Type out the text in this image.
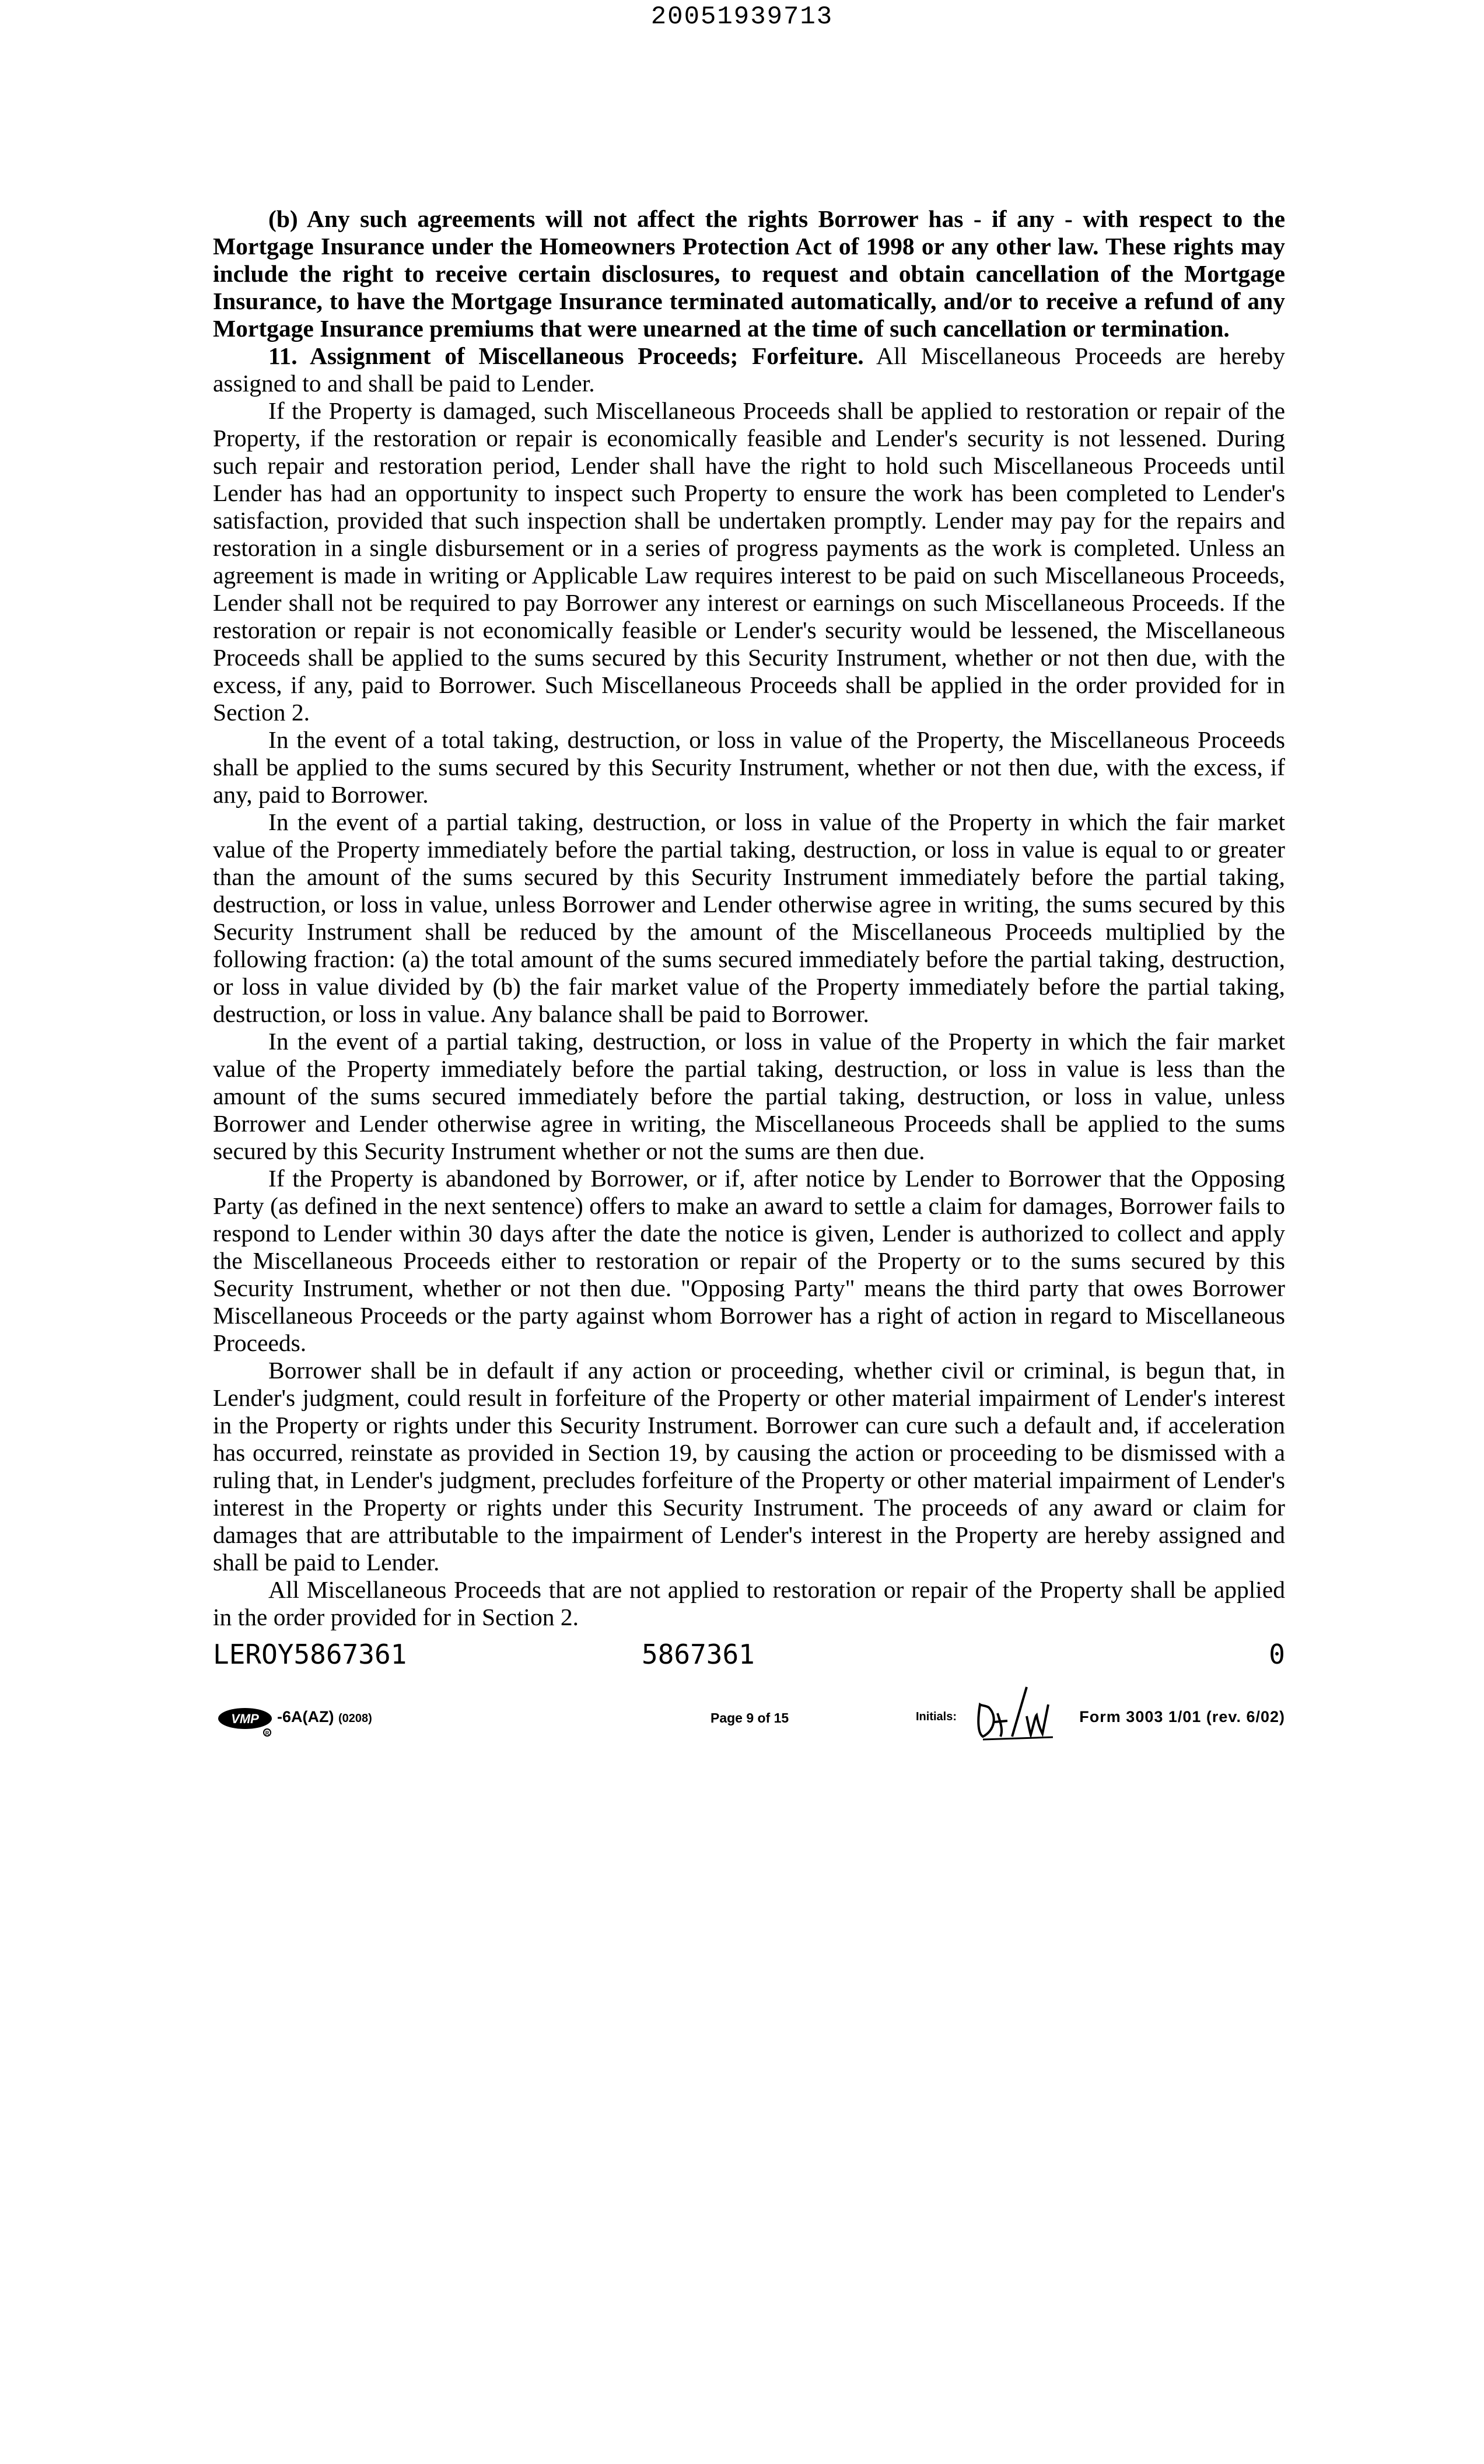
20051939713

(b) Any such agreements will not affect the rights Borrower has - if any - with respect to the Mortgage Insurance under the Homeowners Protection Act of 1998 or any other law. These rights may include the right to receive certain disclosures, to request and obtain cancellation of the Mortgage Insurance, to have the Mortgage Insurance terminated automatically, and/or to receive a refund of any Mortgage Insurance premiums that were unearned at the time of such cancellation or termination.

11. Assignment of Miscellaneous Proceeds; Forfeiture. All Miscellaneous Proceeds are hereby assigned to and shall be paid to Lender.

If the Property is damaged, such Miscellaneous Proceeds shall be applied to restoration or repair of the Property, if the restoration or repair is economically feasible and Lender's security is not lessened. During such repair and restoration period, Lender shall have the right to hold such Miscellaneous Proceeds until Lender has had an opportunity to inspect such Property to ensure the work has been completed to Lender's satisfaction, provided that such inspection shall be undertaken promptly. Lender may pay for the repairs and restoration in a single disbursement or in a series of progress payments as the work is completed. Unless an agreement is made in writing or Applicable Law requires interest to be paid on such Miscellaneous Proceeds, Lender shall not be required to pay Borrower any interest or earnings on such Miscellaneous Proceeds. If the restoration or repair is not economically feasible or Lender's security would be lessened, the Miscellaneous Proceeds shall be applied to the sums secured by this Security Instrument, whether or not then due, with the excess, if any, paid to Borrower. Such Miscellaneous Proceeds shall be applied in the order provided for in Section 2.

In the event of a total taking, destruction, or loss in value of the Property, the Miscellaneous Proceeds shall be applied to the sums secured by this Security Instrument, whether or not then due, with the excess, if any, paid to Borrower.

In the event of a partial taking, destruction, or loss in value of the Property in which the fair market value of the Property immediately before the partial taking, destruction, or loss in value is equal to or greater than the amount of the sums secured by this Security Instrument immediately before the partial taking, destruction, or loss in value, unless Borrower and Lender otherwise agree in writing, the sums secured by this Security Instrument shall be reduced by the amount of the Miscellaneous Proceeds multiplied by the following fraction: (a) the total amount of the sums secured immediately before the partial taking, destruction, or loss in value divided by (b) the fair market value of the Property immediately before the partial taking, destruction, or loss in value. Any balance shall be paid to Borrower.

In the event of a partial taking, destruction, or loss in value of the Property in which the fair market value of the Property immediately before the partial taking, destruction, or loss in value is less than the amount of the sums secured immediately before the partial taking, destruction, or loss in value, unless Borrower and Lender otherwise agree in writing, the Miscellaneous Proceeds shall be applied to the sums secured by this Security Instrument whether or not the sums are then due.

If the Property is abandoned by Borrower, or if, after notice by Lender to Borrower that the Opposing Party (as defined in the next sentence) offers to make an award to settle a claim for damages, Borrower fails to respond to Lender within 30 days after the date the notice is given, Lender is authorized to collect and apply the Miscellaneous Proceeds either to restoration or repair of the Property or to the sums secured by this Security Instrument, whether or not then due. "Opposing Party" means the third party that owes Borrower Miscellaneous Proceeds or the party against whom Borrower has a right of action in regard to Miscellaneous Proceeds.

Borrower shall be in default if any action or proceeding, whether civil or criminal, is begun that, in Lender's judgment, could result in forfeiture of the Property or other material impairment of Lender's interest in the Property or rights under this Security Instrument. Borrower can cure such a default and, if acceleration has occurred, reinstate as provided in Section 19, by causing the action or proceeding to be dismissed with a ruling that, in Lender's judgment, precludes forfeiture of the Property or other material impairment of Lender's interest in the Property or rights under this Security Instrument. The proceeds of any award or claim for damages that are attributable to the impairment of Lender's interest in the Property are hereby assigned and shall be paid to Lender.

All Miscellaneous Proceeds that are not applied to restoration or repair of the Property shall be applied in the order provided for in Section 2.

LEROY5867361	5867361	0
VMP
R
-6A(AZ) (0208)	Page 9 of 15	Initials:	Form 3003 1/01 (rev. 6/02)
